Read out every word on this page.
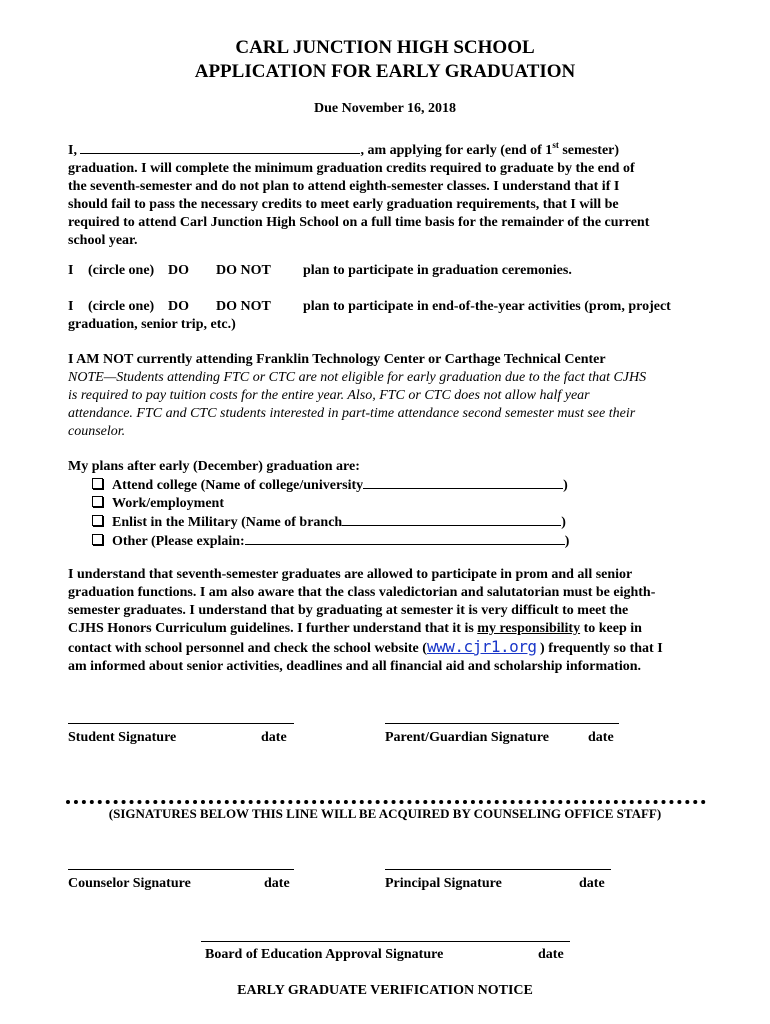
CARL JUNCTION HIGH SCHOOL
APPLICATION FOR EARLY GRADUATION
Due November 16, 2018
I,	, am applying for early (end of 1st semester)
graduation. I will complete the minimum graduation credits required to graduate by the end of
the seventh-semester and do not plan to attend eighth-semester classes. I understand that if I
should fail to pass the necessary credits to meet early graduation requirements, that I will be
required to attend Carl Junction High School on a full time basis for the remainder of the current
school year.
I (circle one) DO DO NOT plan to participate in graduation ceremonies.
I (circle one) DO DO NOT plan to participate in end-of-the-year activities (prom, project
graduation, senior trip, etc.)
I AM NOT currently attending Franklin Technology Center or Carthage Technical Center
NOTE—Students attending FTC or CTC are not eligible for early graduation due to the fact that CJHS
is required to pay tuition costs for the entire year. Also, FTC or CTC does not allow half year
attendance. FTC and CTC students interested in part-time attendance second semester must see their
counselor.
My plans after early (December) graduation are:
Attend college (Name of college/university	)
Work/employment
Enlist in the Military (Name of branch	)
Other (Please explain:	)
I understand that seventh-semester graduates are allowed to participate in prom and all senior
graduation functions. I am also aware that the class valedictorian and salutatorian must be eighth-
semester graduates. I understand that by graduating at semester it is very difficult to meet the
CJHS Honors Curriculum guidelines. I further understand that it is my responsibility to keep in
contact with school personnel and check the school website (www.cjr1.org ) frequently so that I
am informed about senior activities, deadlines and all financial aid and scholarship information.
Student Signature	date	Parent/Guardian Signature	date
(SIGNATURES BELOW THIS LINE WILL BE ACQUIRED BY COUNSELING OFFICE STAFF)
Counselor Signature	date	Principal Signature	date
Board of Education Approval Signature	date
EARLY GRADUATE VERIFICATION NOTICE
